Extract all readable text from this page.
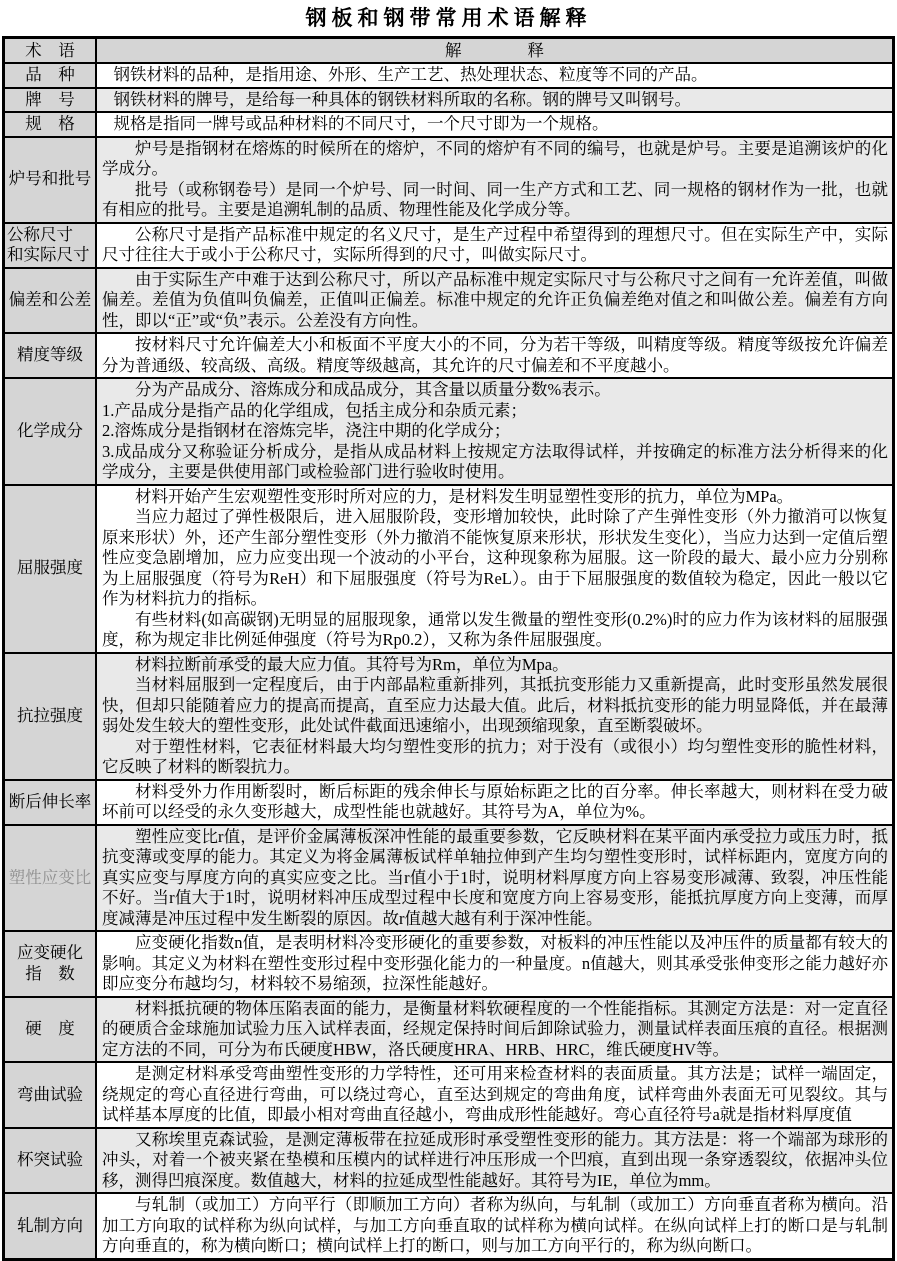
钢板和钢带常用术语解释
术　语	解　　　　释

品　种	钢铁材料的品种，是指用途、外形、生产工艺、热处理状态、粒度等不同的产品。

牌　号	钢铁材料的牌号，是给每一种具体的钢铁材料所取的名称。钢的牌号又叫钢号。

规　格	规格是指同一牌号或品种材料的不同尺寸，一个尺寸即为一个规格。

炉号和批号	炉号是指钢材在熔炼的时候所在的熔炉，不同的熔炉有不同的编号，也就是炉号。主要是追溯该炉的化学成分。

批号（或称钢卷号）是同一个炉号、同一时间、同一生产方式和工艺、同一规格的钢材作为一批，也就有相应的批号。主要是追溯轧制的品质、物理性能及化学成分等。

公称尺寸
和实际尺寸	公称尺寸是指产品标准中规定的名义尺寸，是生产过程中希望得到的理想尺寸。但在实际生产中，实际尺寸往往大于或小于公称尺寸，实际所得到的尺寸，叫做实际尺寸。

偏差和公差	由于实际生产中难于达到公称尺寸，所以产品标准中规定实际尺寸与公称尺寸之间有一允许差值，叫做偏差。差值为负值叫负偏差，正值叫正偏差。标准中规定的允许正负偏差绝对值之和叫做公差。偏差有方向性，即以“正”或“负”表示。公差没有方向性。

精度等级	按材料尺寸允许偏差大小和板面不平度大小的不同，分为若干等级，叫精度等级。精度等级按允许偏差分为普通级、较高级、高级。精度等级越高，其允许的尺寸偏差和不平度越小。

化学成分	分为产品成分、溶炼成分和成品成分，其含量以质量分数%表示。

1.产品成分是指产品的化学组成，包括主成分和杂质元素；

2.溶炼成分是指钢材在溶炼完毕，浇注中期的化学成分；

3.成品成分又称验证分析成分，是指从成品材料上按规定方法取得试样，并按确定的标准方法分析得来的化学成分，主要是供使用部门或检验部门进行验收时使用。

屈服强度	材料开始产生宏观塑性变形时所对应的力，是材料发生明显塑性变形的抗力，单位为MPa。

当应力超过了弹性极限后，进入屈服阶段，变形增加较快，此时除了产生弹性变形（外力撤消可以恢复原来形状）外，还产生部分塑性变形（外力撤消不能恢复原来形状，形状发生变化），当应力达到一定值后塑性应变急剧增加，应力应变出现一个波动的小平台，这种现象称为屈服。这一阶段的最大、最小应力分别称为上屈服强度（符号为ReH）和下屈服强度（符号为ReL）。由于下屈服强度的数值较为稳定，因此一般以它作为材料抗力的指标。

有些材料(如高碳钢)无明显的屈服现象，通常以发生微量的塑性变形(0.2%)时的应力作为该材料的屈服强度，称为规定非比例延伸强度（符号为Rp0.2），又称为条件屈服强度。

抗拉强度	材料拉断前承受的最大应力值。其符号为Rm，单位为Mpa。

当材料屈服到一定程度后，由于内部晶粒重新排列，其抵抗变形能力又重新提高，此时变形虽然发展很快，但却只能随着应力的提高而提高，直至应力达最大值。此后，材料抵抗变形的能力明显降低，并在最薄弱处发生较大的塑性变形，此处试件截面迅速缩小，出现颈缩现象，直至断裂破坏。

对于塑性材料，它表征材料最大均匀塑性变形的抗力；对于没有（或很小）均匀塑性变形的脆性材料，它反映了材料的断裂抗力。

断后伸长率	材料受外力作用断裂时，断后标距的残余伸长与原始标距之比的百分率。伸长率越大，则材料在受力破坏前可以经受的永久变形越大，成型性能也就越好。其符号为A，单位为%。

塑性应变比	塑性应变比r值，是评价金属薄板深冲性能的最重要参数，它反映材料在某平面内承受拉力或压力时，抵抗变薄或变厚的能力。其定义为将金属薄板试样单轴拉伸到产生均匀塑性变形时，试样标距内，宽度方向的真实应变与厚度方向的真实应变之比。当r值小于1时，说明材料厚度方向上容易变形减薄、致裂，冲压性能不好。当r值大于1时，说明材料冲压成型过程中长度和宽度方向上容易变形，能抵抗厚度方向上变薄，而厚度减薄是冲压过程中发生断裂的原因。故r值越大越有利于深冲性能。

应变硬化
指　数	应变硬化指数n值，是表明材料冷变形硬化的重要参数，对板料的冲压性能以及冲压件的质量都有较大的影响。其定义为材料在塑性变形过程中变形强化能力的一种量度。n值越大，则其承受张伸变形之能力越好亦即应变分布越均匀，材料较不易缩颈，拉深性能越好。

硬　度	材料抵抗硬的物体压陷表面的能力，是衡量材料软硬程度的一个性能指标。其测定方法是：对一定直径的硬质合金球施加试验力压入试样表面，经规定保持时间后卸除试验力，测量试样表面压痕的直径。根据测定方法的不同，可分为布氏硬度HBW，洛氏硬度HRA、HRB、HRC，维氏硬度HV等。

弯曲试验	是测定材料承受弯曲塑性变形的力学特性，还可用来检查材料的表面质量。其方法是；试样一端固定，绕规定的弯心直径进行弯曲，可以绕过弯心，直至达到规定的弯曲角度，试样弯曲外表面无可见裂纹。其与试样基本厚度的比值，即最小相对弯曲直径越小，弯曲成形性能越好。弯心直径符号a就是指材料厚度值

杯突试验	又称埃里克森试验，是测定薄板带在拉延成形时承受塑性变形的能力。其方法是：将一个端部为球形的冲头，对着一个被夹紧在垫模和压模内的试样进行冲压形成一个凹痕，直到出现一条穿透裂纹，依据冲头位移，测得凹痕深度。数值越大，材料的拉延成型性能越好。其符号为IE，单位为mm。

轧制方向	与轧制（或加工）方向平行（即顺加工方向）者称为纵向，与轧制（或加工）方向垂直者称为横向。沿加工方向取的试样称为纵向试样，与加工方向垂直取的试样称为横向试样。在纵向试样上打的断口是与轧制方向垂直的，称为横向断口；横向试样上打的断口，则与加工方向平行的，称为纵向断口。
